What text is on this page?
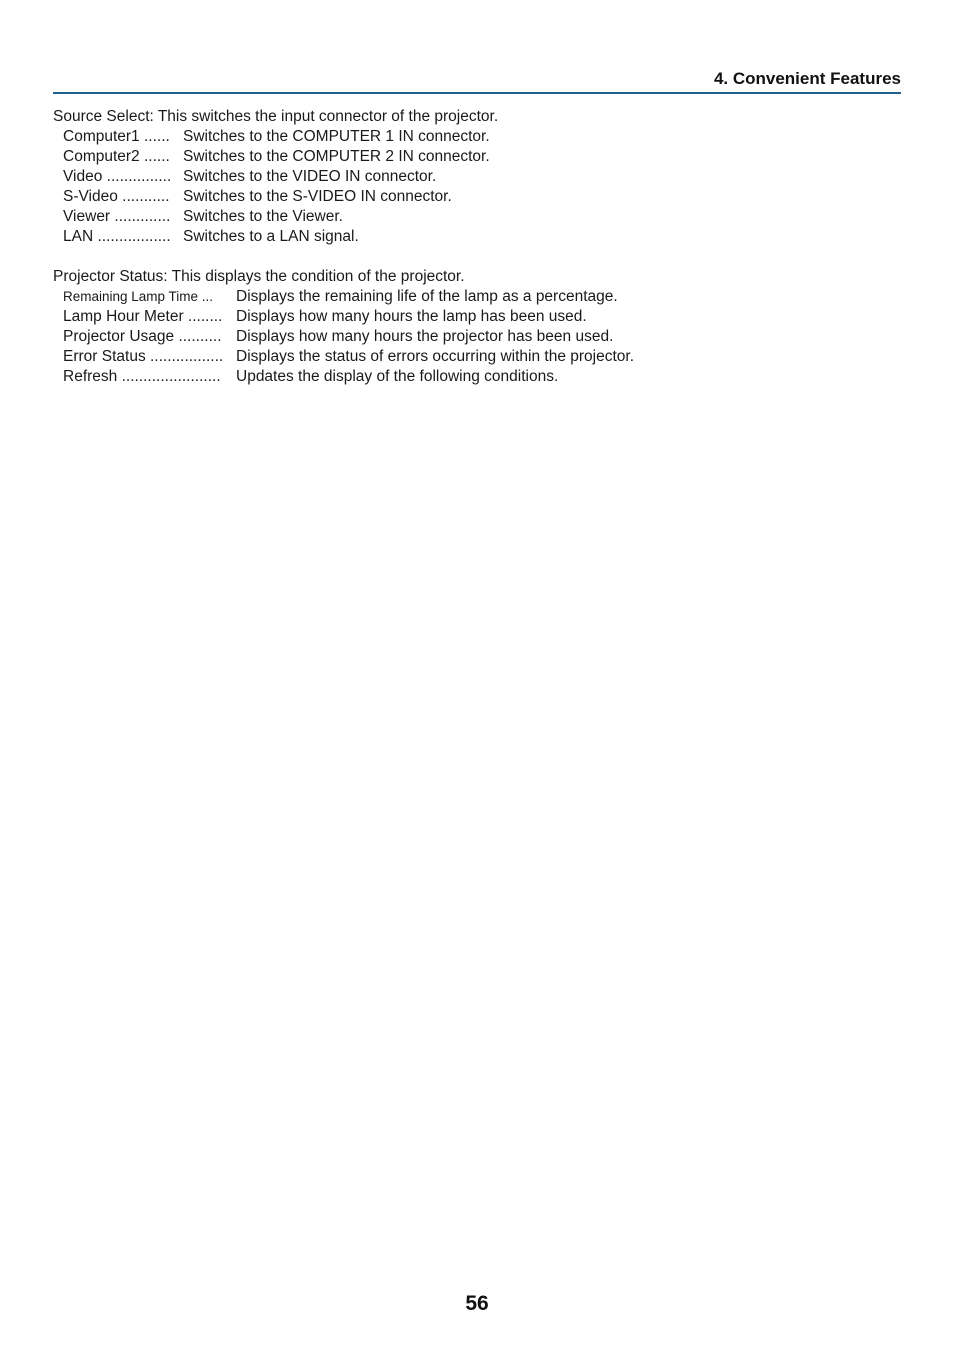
4. Convenient Features
Source Select: This switches the input connector of the projector.
Computer1 ...... Switches to the COMPUTER 1 IN connector.
Computer2 ...... Switches to the COMPUTER 2 IN connector.
Video ............... Switches to the VIDEO IN connector.
S-Video ........... Switches to the S-VIDEO IN connector.
Viewer ............. Switches to the Viewer.
LAN ................. Switches to a LAN signal.
Projector Status: This displays the condition of the projector.
Remaining Lamp Time ...	Displays the remaining life of the lamp as a percentage.
Lamp Hour Meter ........ Displays how many hours the lamp has been used.
Projector Usage .......... Displays how many hours the projector has been used.
Error Status ................. Displays the status of errors occurring within the projector.
Refresh ....................... Updates the display of the following conditions.
56
